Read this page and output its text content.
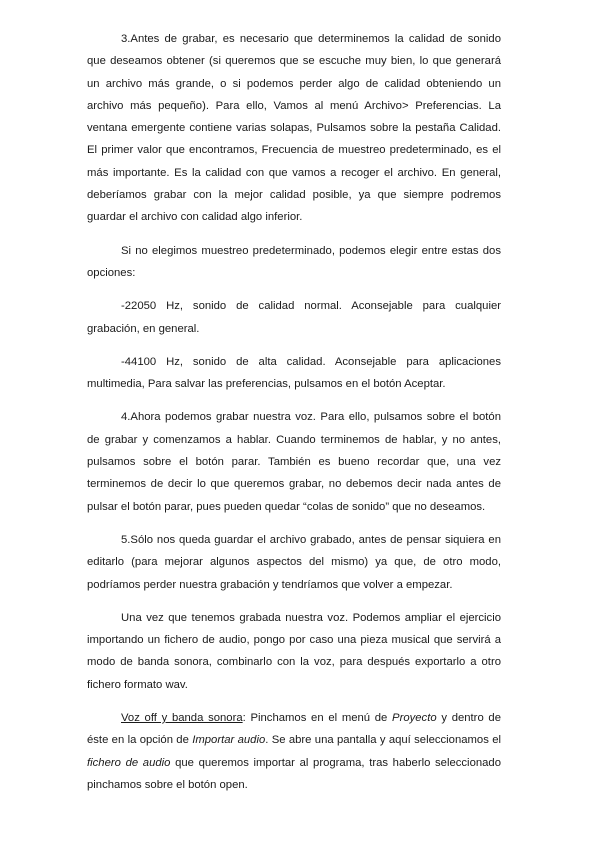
3.Antes de grabar, es necesario que determinemos la calidad de sonido que deseamos obtener (si queremos que se escuche muy bien, lo que generará un archivo más grande, o si podemos perder algo de calidad obteniendo un archivo más pequeño). Para ello, Vamos al menú Archivo> Preferencias. La ventana emergente contiene varias solapas, Pulsamos sobre la pestaña Calidad. El primer valor que encontramos, Frecuencia de muestreo predeterminado, es el más importante. Es la calidad con que vamos a recoger el archivo. En general, deberíamos grabar con la mejor calidad posible, ya que siempre podremos guardar el archivo con calidad algo inferior.

Si no elegimos muestreo predeterminado, podemos elegir entre estas dos opciones:

-22050 Hz, sonido de calidad normal. Aconsejable para cualquier grabación, en general.

-44100 Hz, sonido de alta calidad. Aconsejable para aplicaciones multimedia, Para salvar las preferencias, pulsamos en el botón Aceptar.

4.Ahora podemos grabar nuestra voz. Para ello, pulsamos sobre el botón de grabar y comenzamos a hablar. Cuando terminemos de hablar, y no antes, pulsamos sobre el botón parar. También es bueno recordar que, una vez terminemos de decir lo que queremos grabar, no debemos decir nada antes de pulsar el botón parar, pues pueden quedar “colas de sonido” que no deseamos.

5.Sólo nos queda guardar el archivo grabado, antes de pensar siquiera en editarlo (para mejorar algunos aspectos del mismo) ya que, de otro modo, podríamos perder nuestra grabación y tendríamos que volver a empezar.

Una vez que tenemos grabada nuestra voz. Podemos ampliar el ejercicio importando un fichero de audio, pongo por caso una pieza musical que servirá a modo de banda sonora, combinarlo con la voz, para después exportarlo a otro fichero formato wav.

Voz off y banda sonora: Pinchamos en el menú de Proyecto y dentro de éste en la opción de Importar audio. Se abre una pantalla y aquí seleccionamos el fichero de audio que queremos importar al programa, tras haberlo seleccionado pinchamos sobre el botón open.
